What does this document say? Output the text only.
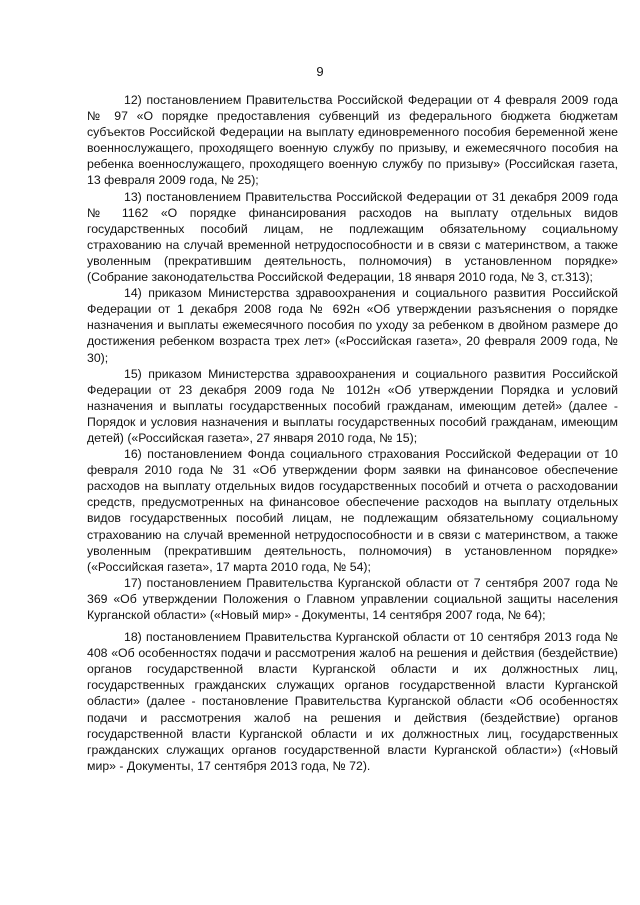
9

12) постановлением Правительства Российской Федерации от 4 февраля 2009 года № 97 «О порядке предоставления субвенций из федерального бюджета бюджетам субъектов Российской Федерации на выплату единовременного пособия беременной жене военнослужащего, проходящего военную службу по призыву, и ежемесячного пособия на ребенка военнослужащего, проходящего военную службу по призыву» (Российская газета, 13 февраля 2009 года, № 25);

13) постановлением Правительства Российской Федерации от 31 декабря 2009 года № 1162 «О порядке финансирования расходов на выплату отдельных видов государственных пособий лицам, не подлежащим обязательному социальному страхованию на случай временной нетрудоспособности и в связи с материнством, а также уволенным (прекратившим деятельность, полномочия) в установленном порядке» (Собрание законодательства Российской Федерации, 18 января 2010 года, № 3, ст.313);

14) приказом Министерства здравоохранения и социального развития Российской Федерации от 1 декабря 2008 года № 692н «Об утверждении разъяснения о порядке назначения и выплаты ежемесячного пособия по уходу за ребенком в двойном размере до достижения ребенком возраста трех лет» («Российская газета», 20 февраля 2009 года, № 30);

15) приказом Министерства здравоохранения и социального развития Российской Федерации от 23 декабря 2009 года № 1012н «Об утверждении Порядка и условий назначения и выплаты государственных пособий гражданам, имеющим детей» (далее - Порядок и условия назначения и выплаты государственных пособий гражданам, имеющим детей) («Российская газета», 27 января 2010 года, № 15);

16) постановлением Фонда социального страхования Российской Федерации от 10 февраля 2010 года № 31 «Об утверждении форм заявки на финансовое обеспечение расходов на выплату отдельных видов государственных пособий и отчета о расходовании средств, предусмотренных на финансовое обеспечение расходов на выплату отдельных видов государственных пособий лицам, не подлежащим обязательному социальному страхованию на случай временной нетрудоспособности и в связи с материнством, а также уволенным (прекратившим деятельность, полномочия) в установленном порядке» («Российская газета», 17 марта 2010 года, № 54);

17) постановлением Правительства Курганской области от 7 сентября 2007 года № 369 «Об утверждении Положения о Главном управлении социальной защиты населения Курганской области» («Новый мир» - Документы, 14 сентября 2007 года, № 64);

18) постановлением Правительства Курганской области от 10 сентября 2013 года № 408 «Об особенностях подачи и рассмотрения жалоб на решения и действия (бездействие) органов государственной власти Курганской области и их должностных лиц, государственных гражданских служащих органов государственной власти Курганской области» (далее - постановление Правительства Курганской области «Об особенностях подачи и рассмотрения жалоб на решения и действия (бездействие) органов государственной власти Курганской области и их должностных лиц, государственных гражданских служащих органов государственной власти Курганской области») («Новый мир» - Документы, 17 сентября 2013 года, № 72).
